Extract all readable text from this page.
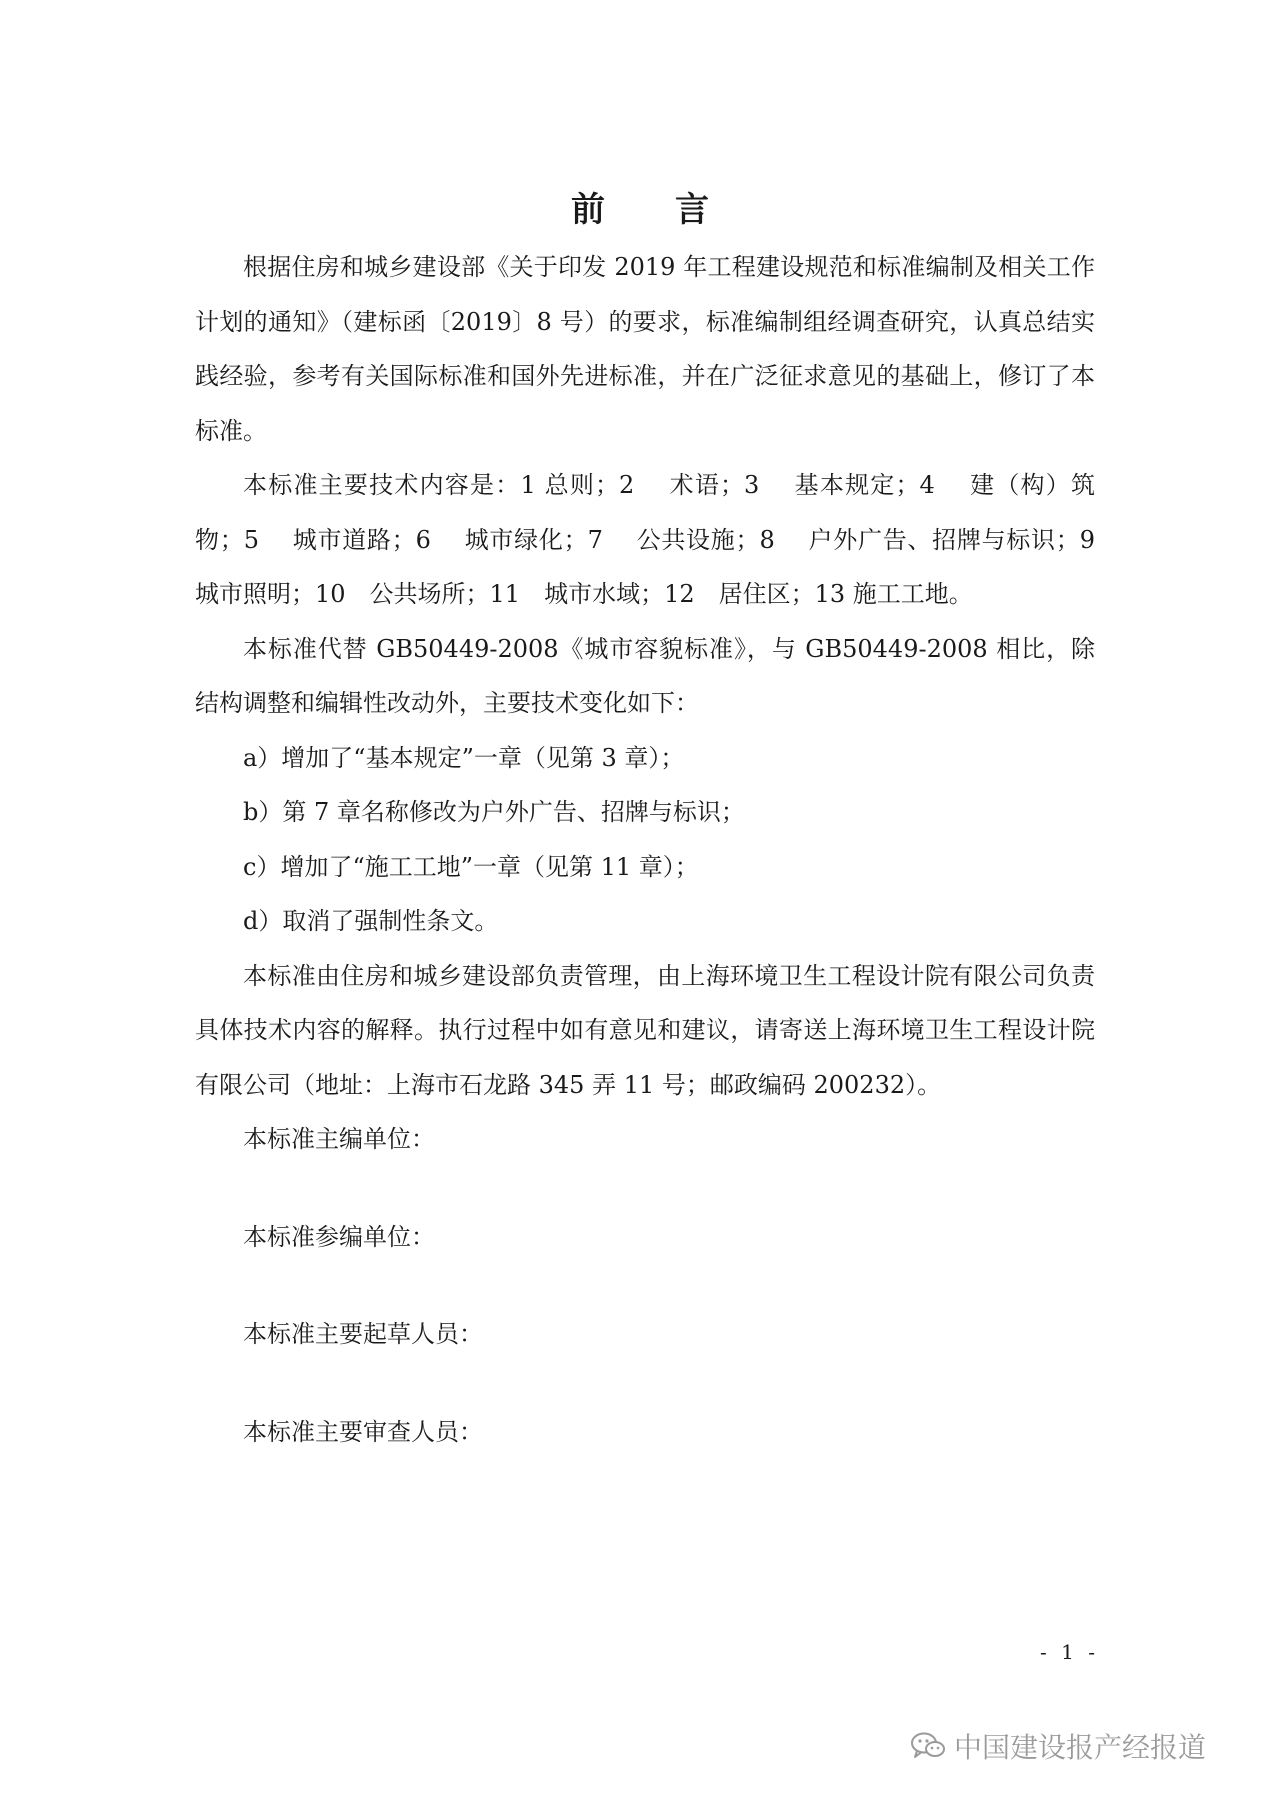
前　言

根据住房和城乡建设部《关于印发 2019 年工程建设规范和标准编制及相关工作计划的通知》（建标函〔2019〕8 号）的要求，标准编制组经调查研究，认真总结实践经验，参考有关国际标准和国外先进标准，并在广泛征求意见的基础上，修订了本标准。

本标准主要技术内容是：1 总则；2　 术语；3　 基本规定；4　 建（构）筑物；5　 城市道路；6　 城市绿化；7　 公共设施；8　 户外广告、招牌与标识；9　 城市照明；10　公共场所；11　城市水域；12　居住区；13 施工工地。

本标准代替 GB50449-2008《城市容貌标准》，与 GB50449-2008 相比，除结构调整和编辑性改动外，主要技术变化如下：

a）增加了“基本规定”一章（见第 3 章）；

b）第 7 章名称修改为户外广告、招牌与标识；

c）增加了“施工工地”一章（见第 11 章）；

d）取消了强制性条文。

本标准由住房和城乡建设部负责管理，由上海环境卫生工程设计院有限公司负责具体技术内容的解释。执行过程中如有意见和建议，请寄送上海环境卫生工程设计院有限公司（地址：上海市石龙路 345 弄 11 号；邮政编码 200232）。

本标准主编单位：

本标准参编单位：

本标准主要起草人员：

本标准主要审查人员：

- 1 -
中国建设报产经报道
